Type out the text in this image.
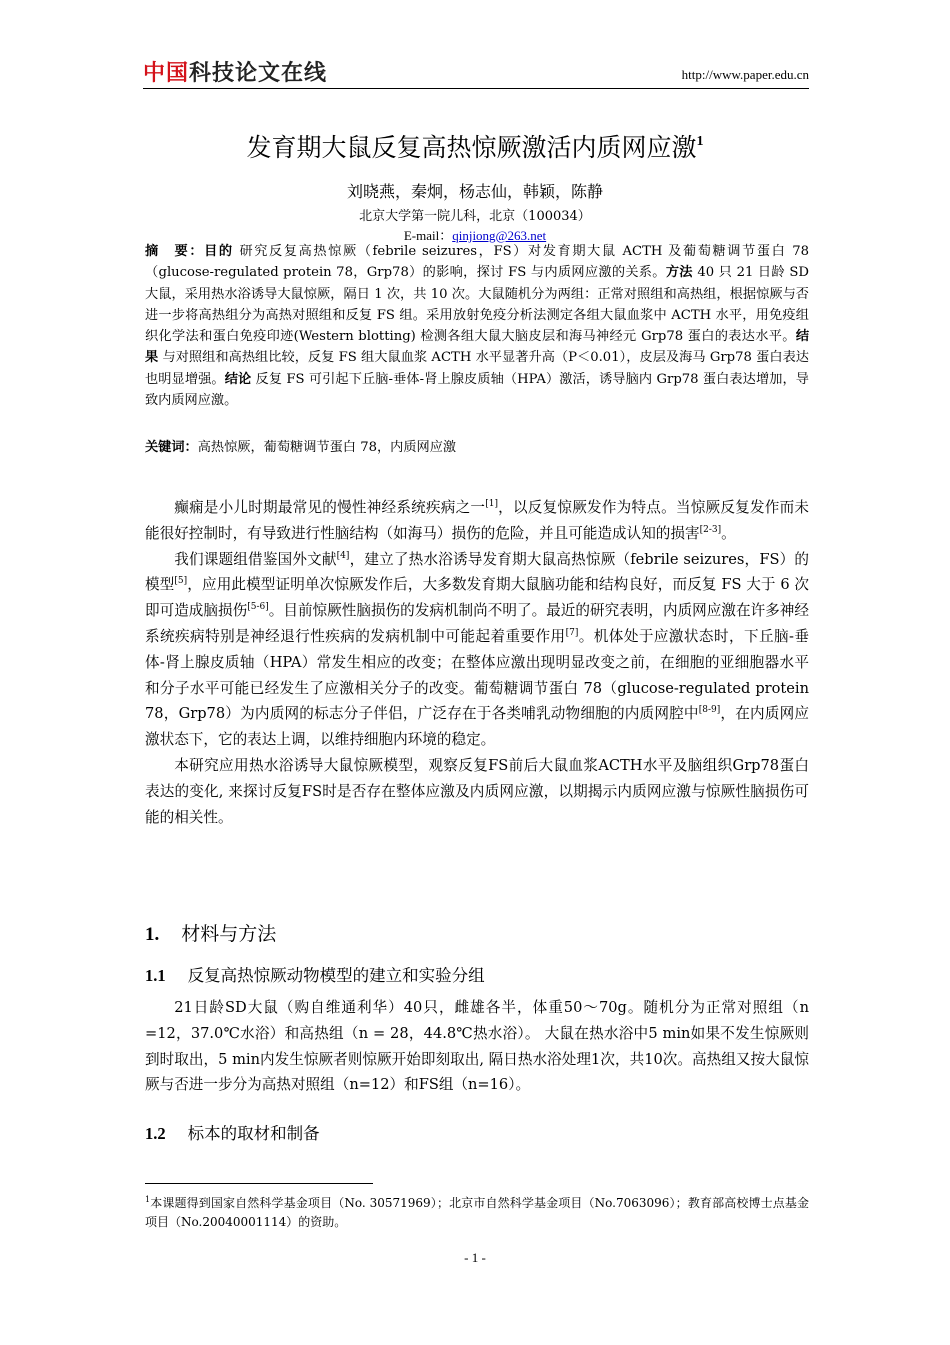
中国科技论文在线	http://www.paper.edu.cn
发育期大鼠反复高热惊厥激活内质网应激$^1$
刘晓燕，秦炯，杨志仙，韩颖，陈静
北京大学第一院儿科，北京（100034）
E-mail：qinjiong@263.net
摘　要：目的 研究反复高热惊厥（febrile seizures，FS）对发育期大鼠 ACTH 及葡萄糖调节蛋白 78（glucose-regulated protein 78，Grp78）的影响，探讨 FS 与内质网应激的关系。方法 40 只 21 日龄 SD 大鼠，采用热水浴诱导大鼠惊厥，隔日 1 次，共 10 次。大鼠随机分为两组：正常对照组和高热组，根据惊厥与否进一步将高热组分为高热对照组和反复 FS 组。采用放射免疫分析法测定各组大鼠血浆中 ACTH 水平，用免疫组织化学法和蛋白免疫印迹(Western blotting) 检测各组大鼠大脑皮层和海马神经元 Grp78 蛋白的表达水平。结果 与对照组和高热组比较，反复 FS 组大鼠血浆 ACTH 水平显著升高（P＜0.01），皮层及海马 Grp78 蛋白表达也明显增强。结论 反复 FS 可引起下丘脑-垂体-肾上腺皮质轴（HPA）激活，诱导脑内 Grp78 蛋白表达增加，导致内质网应激。
关键词：高热惊厥，葡萄糖调节蛋白 78，内质网应激

癫痫是小儿时期最常见的慢性神经系统疾病之一[1]，以反复惊厥发作为特点。当惊厥反复发作而未能很好控制时，有导致进行性脑结构（如海马）损伤的危险，并且可能造成认知的损害[2-3]。

我们课题组借鉴国外文献[4]，建立了热水浴诱导发育期大鼠高热惊厥（febrile seizures，FS）的模型[5]，应用此模型证明单次惊厥发作后，大多数发育期大鼠脑功能和结构良好，而反复 FS 大于 6 次即可造成脑损伤[5-6]。目前惊厥性脑损伤的发病机制尚不明了。最近的研究表明，内质网应激在许多神经系统疾病特别是神经退行性疾病的发病机制中可能起着重要作用[7]。机体处于应激状态时，下丘脑-垂体-肾上腺皮质轴（HPA）常发生相应的改变；在整体应激出现明显改变之前，在细胞的亚细胞器水平和分子水平可能已经发生了应激相关分子的改变。葡萄糖调节蛋白 78（glucose-regulated protein 78，Grp78）为内质网的标志分子伴侣，广泛存在于各类哺乳动物细胞的内质网腔中[8-9]，在内质网应激状态下，它的表达上调，以维持细胞内环境的稳定。

本研究应用热水浴诱导大鼠惊厥模型，观察反复FS前后大鼠血浆ACTH水平及脑组织Grp78蛋白表达的变化, 来探讨反复FS时是否存在整体应激及内质网应激，以期揭示内质网应激与惊厥性脑损伤可能的相关性。

1. 材料与方法
1.1 反复高热惊厥动物模型的建立和实验分组

21日龄SD大鼠（购自维通利华）40只，雌雄各半，体重50～70g。随机分为正常对照组（n =12，37.0℃水浴）和高热组（n = 28，44.8℃热水浴）。 大鼠在热水浴中5 min如果不发生惊厥则到时取出，5 min内发生惊厥者则惊厥开始即刻取出, 隔日热水浴处理1次，共10次。高热组又按大鼠惊厥与否进一步分为高热对照组（n=12）和FS组（n=16）。

1.2 标本的取材和制备
$^1$本课题得到国家自然科学基金项目（No. 30571969）；北京市自然科学基金项目（No.7063096）；教育部高校博士点基金项目（No.20040001114）的资助。
- 1 -
